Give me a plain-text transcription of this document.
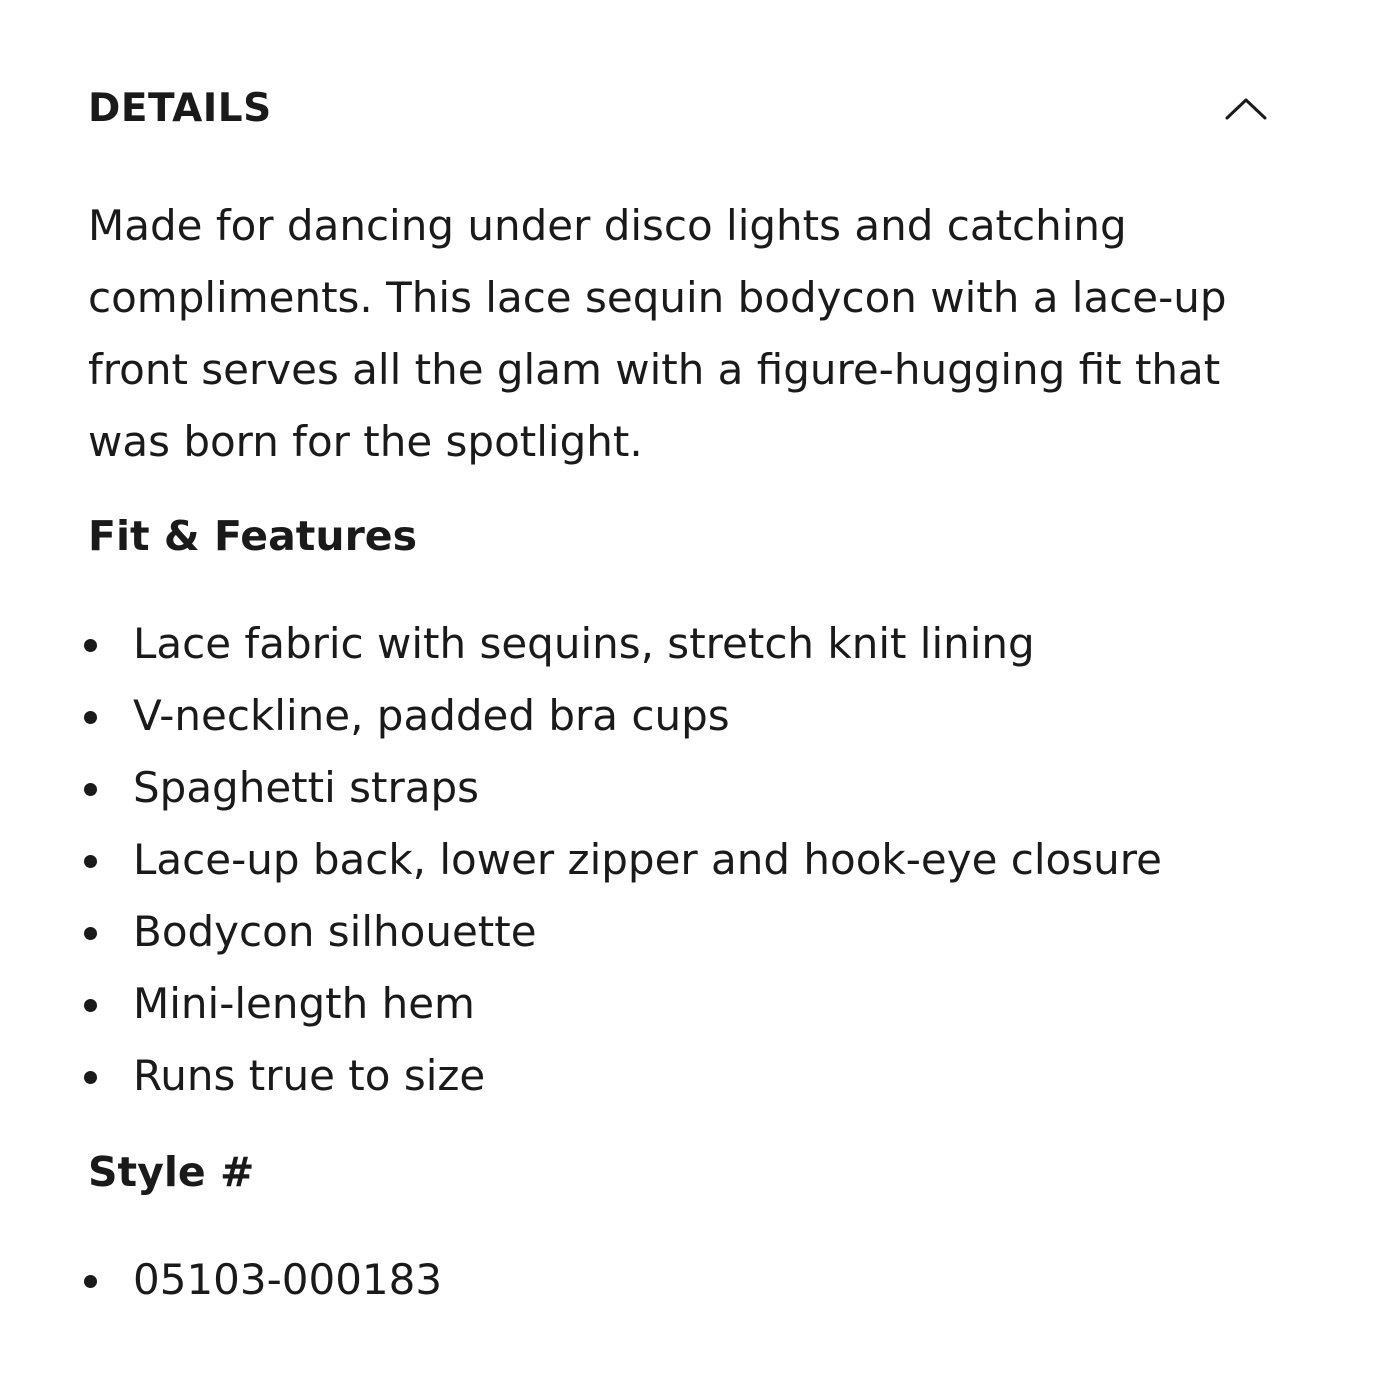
DETAILS

Made for dancing under disco lights and catching compliments. This lace sequin bodycon with a lace-up front serves all the glam with a figure-hugging fit that was born for the spotlight.

Fit & Features
Lace fabric with sequins, stretch knit lining
V-neckline, padded bra cups
Spaghetti straps
Lace-up back, lower zipper and hook-eye closure
Bodycon silhouette
Mini-length hem
Runs true to size
Style #
05103-000183
